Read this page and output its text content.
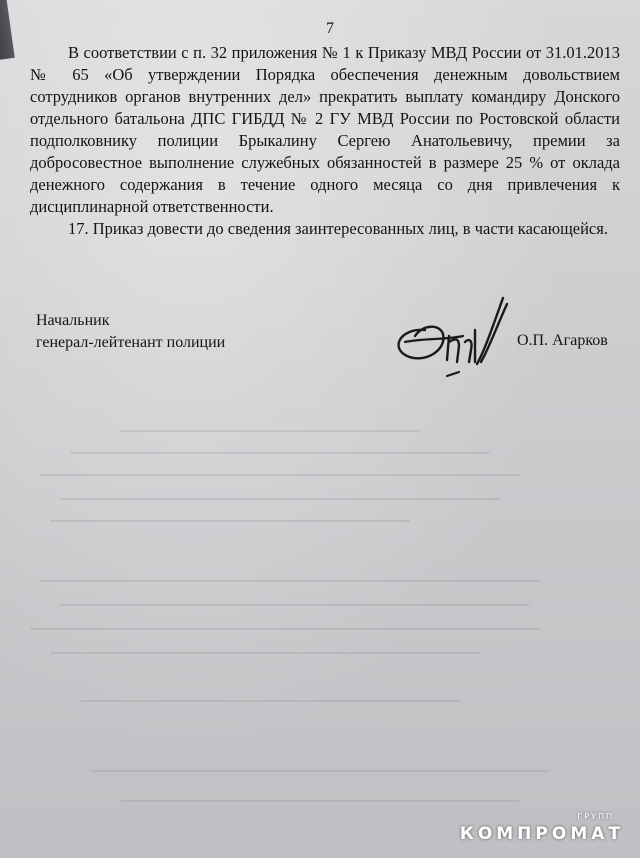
7

В соответствии с п. 32 приложения № 1 к Приказу МВД России от 31.01.2013 № 65 «Об утверждении Порядка обеспечения денежным довольствием сотрудников органов внутренних дел» прекратить выплату командиру Донского отдельного батальона ДПС ГИБДД № 2 ГУ МВД России по Ростовской области подполковнику полиции Брыкалину Сергею Анатольевичу, премии за добросовестное выполнение служебных обязанностей в размере 25 % от оклада денежного содержания в течение одного месяца со дня привлечения к дисциплинарной ответственности.

17. Приказ довести до сведения заинтересованных лиц, в части касающейся.

Начальник
генерал-лейтенант полиции	О.П. Агарков
ГРУПП
КОМПРОМАТ
